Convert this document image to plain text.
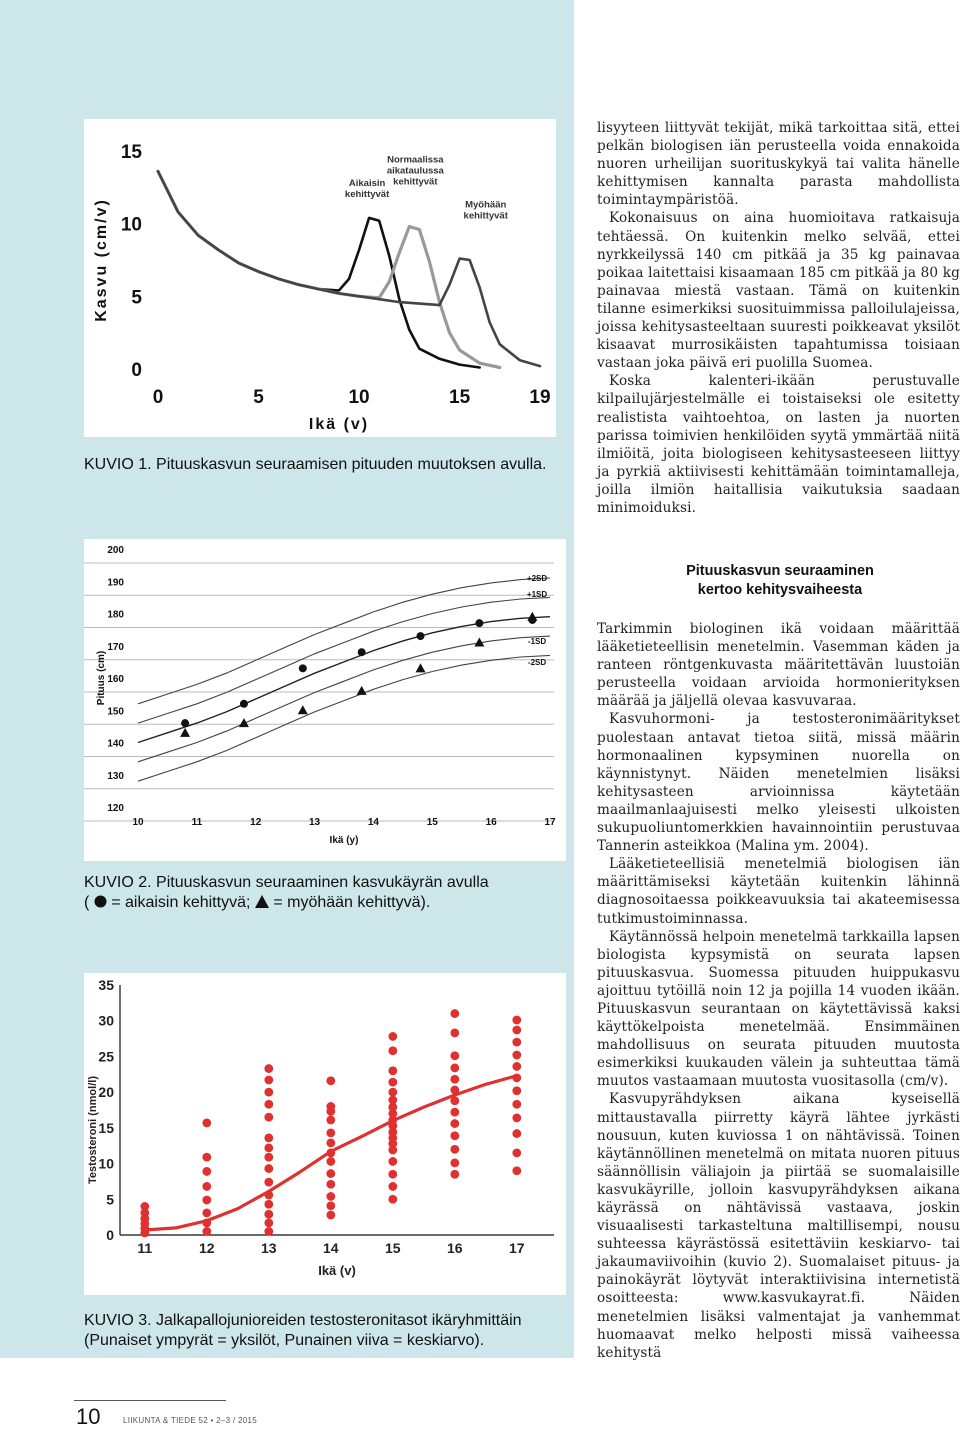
0
5
10
15
0	5	10	15	19
Ikä (v)
Kasvu (cm/v)
Aikaisin
kehittyvät
Normaalissa
aikataulussa
kehittyvät
Myöhään
kehittyvät
KUVIO 1. Pituuskasvun seuraamisen pituuden muutoksen avulla.
120
130
140
150
160
170
180
190
200
10	11	12	13	14	15	16	17
Ikä (y)
Pituus (cm)
+2SD
+1SD
-1SD
-2SD
KUVIO 2. Pituuskasvun seuraaminen kasvukäyrän avulla
( = aikaisin kehittyvä; = myöhään kehittyvä).
0
5
10
15
20
25
30
35
11	12	13	14	15	16	17
Ikä (v)
Testosteroni (nmol/l)
KUVIO 3. Jalkapallojunioreiden testosteronitasot ikäryhmittäin
(Punaiset ympyrät = yksilöt, Punainen viiva = keskiarvo).

lisyyteen liittyvät tekijät, mikä tarkoittaa sitä, ettei pelkän biologisen iän perusteella voida ennakoida nuoren urheilijan suorituskykyä tai valita hänelle kehittymisen kannalta parasta mahdollista toimintaympäristöä.

Kokonaisuus on aina huomioitava ratkaisuja tehtäessä. On kuitenkin melko selvää, ettei nyrkkeilyssä 140 cm pitkää ja 35 kg painavaa poikaa laitettaisi kisaamaan 185 cm pitkää ja 80 kg painavaa miestä vastaan. Tämä on kuitenkin tilanne esimerkiksi suosituimmissa palloilulajeissa, joissa kehitysasteeltaan suuresti poikkeavat yksilöt kisaavat murrosikäisten tapahtumissa toisiaan vastaan joka päivä eri puolilla Suomea.

Koska kalenteri-ikään perustuvalle kilpailujärjestelmälle ei toistaiseksi ole esitetty realistista vaihtoehtoa, on lasten ja nuorten parissa toimivien henkilöiden syytä ymmärtää niitä ilmiöitä, joita biologiseen kehitysasteeseen liittyy ja pyrkiä aktiivisesti kehittämään toimintamalleja, joilla ilmiön haitallisia vaikutuksia saadaan minimoiduksi.

Pituuskasvun seuraaminen
kertoo kehitysvaiheesta

Tarkimmin biologinen ikä voidaan määrittää lääketieteellisin menetelmin. Vasemman käden ja ranteen röntgenkuvasta määritettävän luustoiän perusteella voidaan arvioida hormonierityksen määrää ja jäljellä olevaa kasvuvaraa.

Kasvuhormoni- ja testosteronimääritykset puolestaan antavat tietoa siitä, missä määrin hormonaalinen kypsyminen nuorella on käynnistynyt. Näiden menetelmien lisäksi kehitysasteen arvioinnissa käytetään maailmanlaajuisesti melko yleisesti ulkoisten sukupuoliuntomerkkien havainnointiin perustuvaa Tannerin asteikkoa (Malina ym. 2004).

Lääketieteellisiä menetelmiä biologisen iän määrittämiseksi käytetään kuitenkin lähinnä diagnosoitaessa poikkeavuuksia tai akateemisessa tutkimustoiminnassa.

Käytännössä helpoin menetelmä tarkkailla lapsen biologista kypsymistä on seurata lapsen pituuskasvua. Suomessa pituuden huippukasvu ajoittuu tytöillä noin 12 ja pojilla 14 vuoden ikään. Pituuskasvun seurantaan on käytettävissä kaksi käyttökelpoista menetelmää. Ensimmäinen mahdollisuus on seurata pituuden muutosta esimerkiksi kuukauden välein ja suhteuttaa tämä muutos vastaamaan muutosta vuositasolla (cm/v).

Kasvupyrähdyksen aikana kyseisellä mittaustavalla piirretty käyrä lähtee jyrkästi nousuun, kuten kuviossa 1 on nähtävissä. Toinen käytännöllinen menetelmä on mitata nuoren pituus säännöllisin väliajoin ja piirtää se suomalaisille kasvukäyrille, jolloin kasvupyrähdyksen aikana käyrässä on nähtävissä vastaava, joskin visuaalisesti tarkasteltuna maltillisempi, nousu suhteessa käyrästössä esitettäviin keskiarvo- tai jakaumaviivoihin (kuvio 2). Suomalaiset pituus- ja painokäyrät löytyvät interaktiivisina internetistä osoitteesta: www.kasvukayrat.fi. Näiden menetelmien lisäksi valmentajat ja vanhemmat huomaavat melko helposti missä vaiheessa kehitystä

10	LIIKUNTA & TIEDE 52 • 2–3 / 2015
